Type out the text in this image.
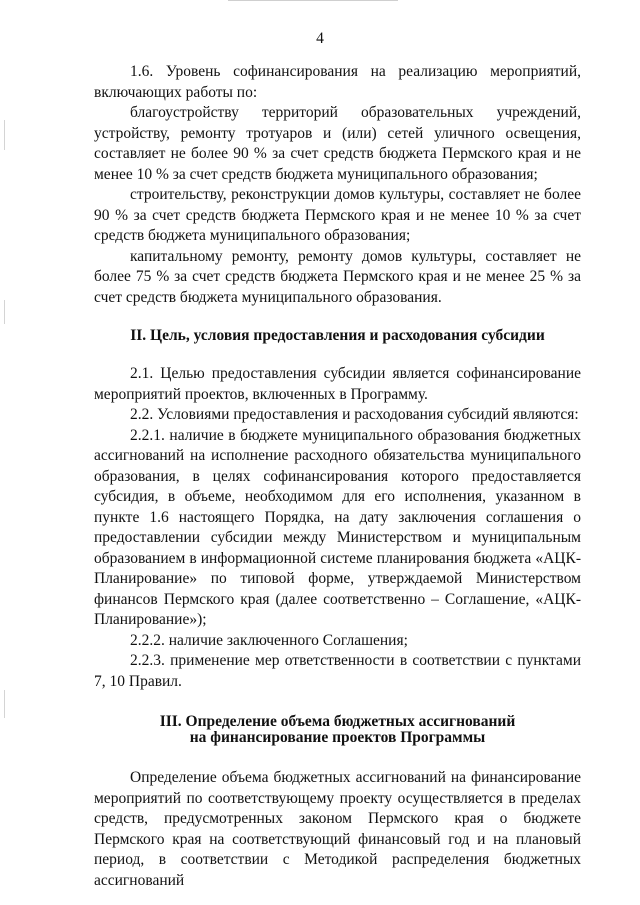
4

1.6. Уровень софинансирования на реализацию мероприятий, включающих работы по:

благоустройству территорий образовательных учреждений, устройству, ремонту тротуаров и (или) сетей уличного освещения, составляет не более 90 % за счет средств бюджета Пермского края и не менее 10 % за счет средств бюджета муниципального образования;

строительству, реконструкции домов культуры, составляет не более 90 % за счет средств бюджета Пермского края и не менее 10 % за счет средств бюджета муниципального образования;

капитальному ремонту, ремонту домов культуры, составляет не более 75 % за счет средств бюджета Пермского края и не менее 25 % за счет средств бюджета муниципального образования.

II. Цель, условия предоставления и расходования субсидии

2.1. Целью предоставления субсидии является софинансирование мероприятий проектов, включенных в Программу.

2.2. Условиями предоставления и расходования субсидий являются:

2.2.1. наличие в бюджете муниципального образования бюджетных ассигнований на исполнение расходного обязательства муниципального образования, в целях софинансирования которого предоставляется субсидия, в объеме, необходимом для его исполнения, указанном в пункте 1.6 настоящего Порядка, на дату заключения соглашения о предоставлении субсидии между Министерством и муниципальным образованием в информационной системе планирования бюджета «АЦК-Планирование» по типовой форме, утверждаемой Министерством финансов Пермского края (далее соответственно – Соглашение, «АЦК-Планирование»);

2.2.2. наличие заключенного Соглашения;

2.2.3. применение мер ответственности в соответствии с пунктами 7, 10 Правил.

III. Определение объема бюджетных ассигнований
на финансирование проектов Программы

Определение объема бюджетных ассигнований на финансирование мероприятий по соответствующему проекту осуществляется в пределах средств, предусмотренных законом Пермского края о бюджете Пермского края на соответствующий финансовый год и на плановый период, в соответствии с Методикой распределения бюджетных ассигнований
